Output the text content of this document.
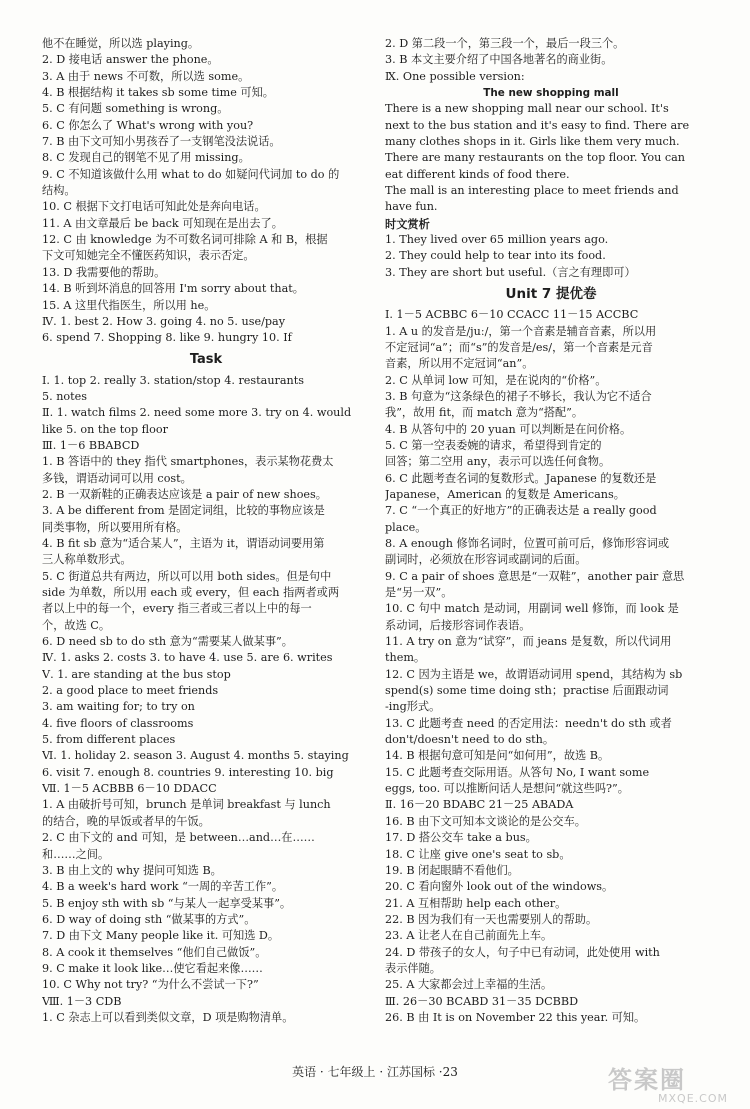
他不在睡觉，所以选 playing。
2. D 接电话 answer the phone。
3. A 由于 news 不可数，所以选 some。
4. B 根据结构 it takes sb some time 可知。
5. C 有问题 something is wrong。
6. C 你怎么了 What's wrong with you?
7. B 由下文可知小男孩吞了一支钢笔没法说话。
8. C 发现自己的钢笔不见了用 missing。
9. C 不知道该做什么用 what to do 如疑问代词加 to do 的
结构。
10. C 根据下文打电话可知此处是奔向电话。
11. A 由文章最后 be back 可知现在是出去了。
12. C 由 knowledge 为不可数名词可排除 A 和 B，根据
下文可知她完全不懂医药知识，表示否定。
13. D 我需要他的帮助。
14. B 听到坏消息的回答用 I'm sorry about that。
15. A 这里代指医生，所以用 he。
Ⅳ. 1. best 2. How 3. going 4. no 5. use/pay
6. spend 7. Shopping 8. like 9. hungry 10. If
Task
Ⅰ. 1. top 2. really 3. station/stop 4. restaurants
5. notes
Ⅱ. 1. watch films 2. need some more 3. try on 4. would
like 5. on the top floor
Ⅲ. 1－6 BBABCD
1. B 答语中的 they 指代 smartphones，表示某物花费太
多钱，谓语动词可以用 cost。
2. B 一双新鞋的正确表达应该是 a pair of new shoes。
3. A be different from 是固定词组，比较的事物应该是
同类事物，所以要用所有格。
4. B fit sb 意为“适合某人”，主语为 it，谓语动词要用第
三人称单数形式。
5. C 街道总共有两边，所以可以用 both sides。但是句中
side 为单数，所以用 each 或 every，但 each 指两者或两
者以上中的每一个，every 指三者或三者以上中的每一
个，故选 C。
6. D need sb to do sth 意为“需要某人做某事”。
Ⅳ. 1. asks 2. costs 3. to have 4. use 5. are 6. writes
Ⅴ. 1. are standing at the bus stop
2. a good place to meet friends
3. am waiting for; to try on
4. five floors of classrooms
5. from different places
Ⅵ. 1. holiday 2. season 3. August 4. months 5. staying
6. visit 7. enough 8. countries 9. interesting 10. big
Ⅶ. 1－5 ACBBB 6－10 DDACC
1. A 由破折号可知，brunch 是单词 breakfast 与 lunch
的结合，晚的早饭或者早的午饭。
2. C 由下文的 and 可知，是 between…and…在……
和……之间。
3. B 由上文的 why 提问可知选 B。
4. B a week's hard work “一周的辛苦工作”。
5. B enjoy sth with sb “与某人一起享受某事”。
6. D way of doing sth “做某事的方式”。
7. D 由下文 Many people like it. 可知选 D。
8. A cook it themselves “他们自己做饭”。
9. C make it look like…使它看起来像……
10. C Why not try? “为什么不尝试一下?”
Ⅷ. 1－3 CDB
1. C 杂志上可以看到类似文章，D 项是购物清单。
2. D 第二段一个，第三段一个，最后一段三个。
3. B 本文主要介绍了中国各地著名的商业街。
Ⅸ. One possible version:
The new shopping mall
There is a new shopping mall near our school. It's
next to the bus station and it's easy to find. There are
many clothes shops in it. Girls like them very much.
There are many restaurants on the top floor. You can
eat different kinds of food there.
The mall is an interesting place to meet friends and
have fun.
时文赏析
1. They lived over 65 million years ago.
2. They could help to tear into its food.
3. They are short but useful.（言之有理即可）
Unit 7 提优卷
Ⅰ. 1－5 ACBBC 6－10 CCACC 11－15 ACCBC
1. A u 的发音是/juː/，第一个音素是辅音音素，所以用
不定冠词“a”；而“s”的发音是/es/，第一个音素是元音
音素，所以用不定冠词“an”。
2. C 从单词 low 可知，是在说肉的“价格”。
3. B 句意为“这条绿色的裙子不够长，我认为它不适合
我”，故用 fit，而 match 意为“搭配”。
4. B 从答句中的 20 yuan 可以判断是在问价格。
5. C 第一空表委婉的请求，希望得到肯定的
回答；第二空用 any，表示可以选任何食物。
6. C 此题考查名词的复数形式。Japanese 的复数还是
Japanese，American 的复数是 Americans。
7. C “一个真正的好地方”的正确表达是 a really good
place。
8. A enough 修饰名词时，位置可前可后，修饰形容词或
副词时，必须放在形容词或副词的后面。
9. C a pair of shoes 意思是“一双鞋”，another pair 意思
是“另一双”。
10. C 句中 match 是动词，用副词 well 修饰，而 look 是
系动词，后接形容词作表语。
11. A try on 意为“试穿”，而 jeans 是复数，所以代词用
them。
12. C 因为主语是 we，故谓语动词用 spend，其结构为 sb
spend(s) some time doing sth；practise 后面跟动词
-ing形式。
13. C 此题考查 need 的否定用法：needn't do sth 或者
don't/doesn't need to do sth。
14. B 根据句意可知是问“如何用”，故选 B。
15. C 此题考查交际用语。从答句 No, I want some
eggs, too. 可以推断问话人是想问“就这些吗?”。
Ⅱ. 16－20 BDABC 21－25 ABADA
16. B 由下文可知本文谈论的是公交车。
17. D 搭公交车 take a bus。
18. C 让座 give one's seat to sb。
19. B 闭起眼睛不看他们。
20. C 看向窗外 look out of the windows。
21. A 互相帮助 help each other。
22. B 因为我们有一天也需要别人的帮助。
23. A 让老人在自己前面先上车。
24. D 带孩子的女人，句子中已有动词，此处使用 with
表示伴随。
25. A 大家都会过上幸福的生活。
Ⅲ. 26－30 BCABD 31－35 DCBBD
26. B 由 It is on November 22 this year. 可知。
英语 · 七年级上 · 江苏国标 ·23	答案圈
MXQE.COM
